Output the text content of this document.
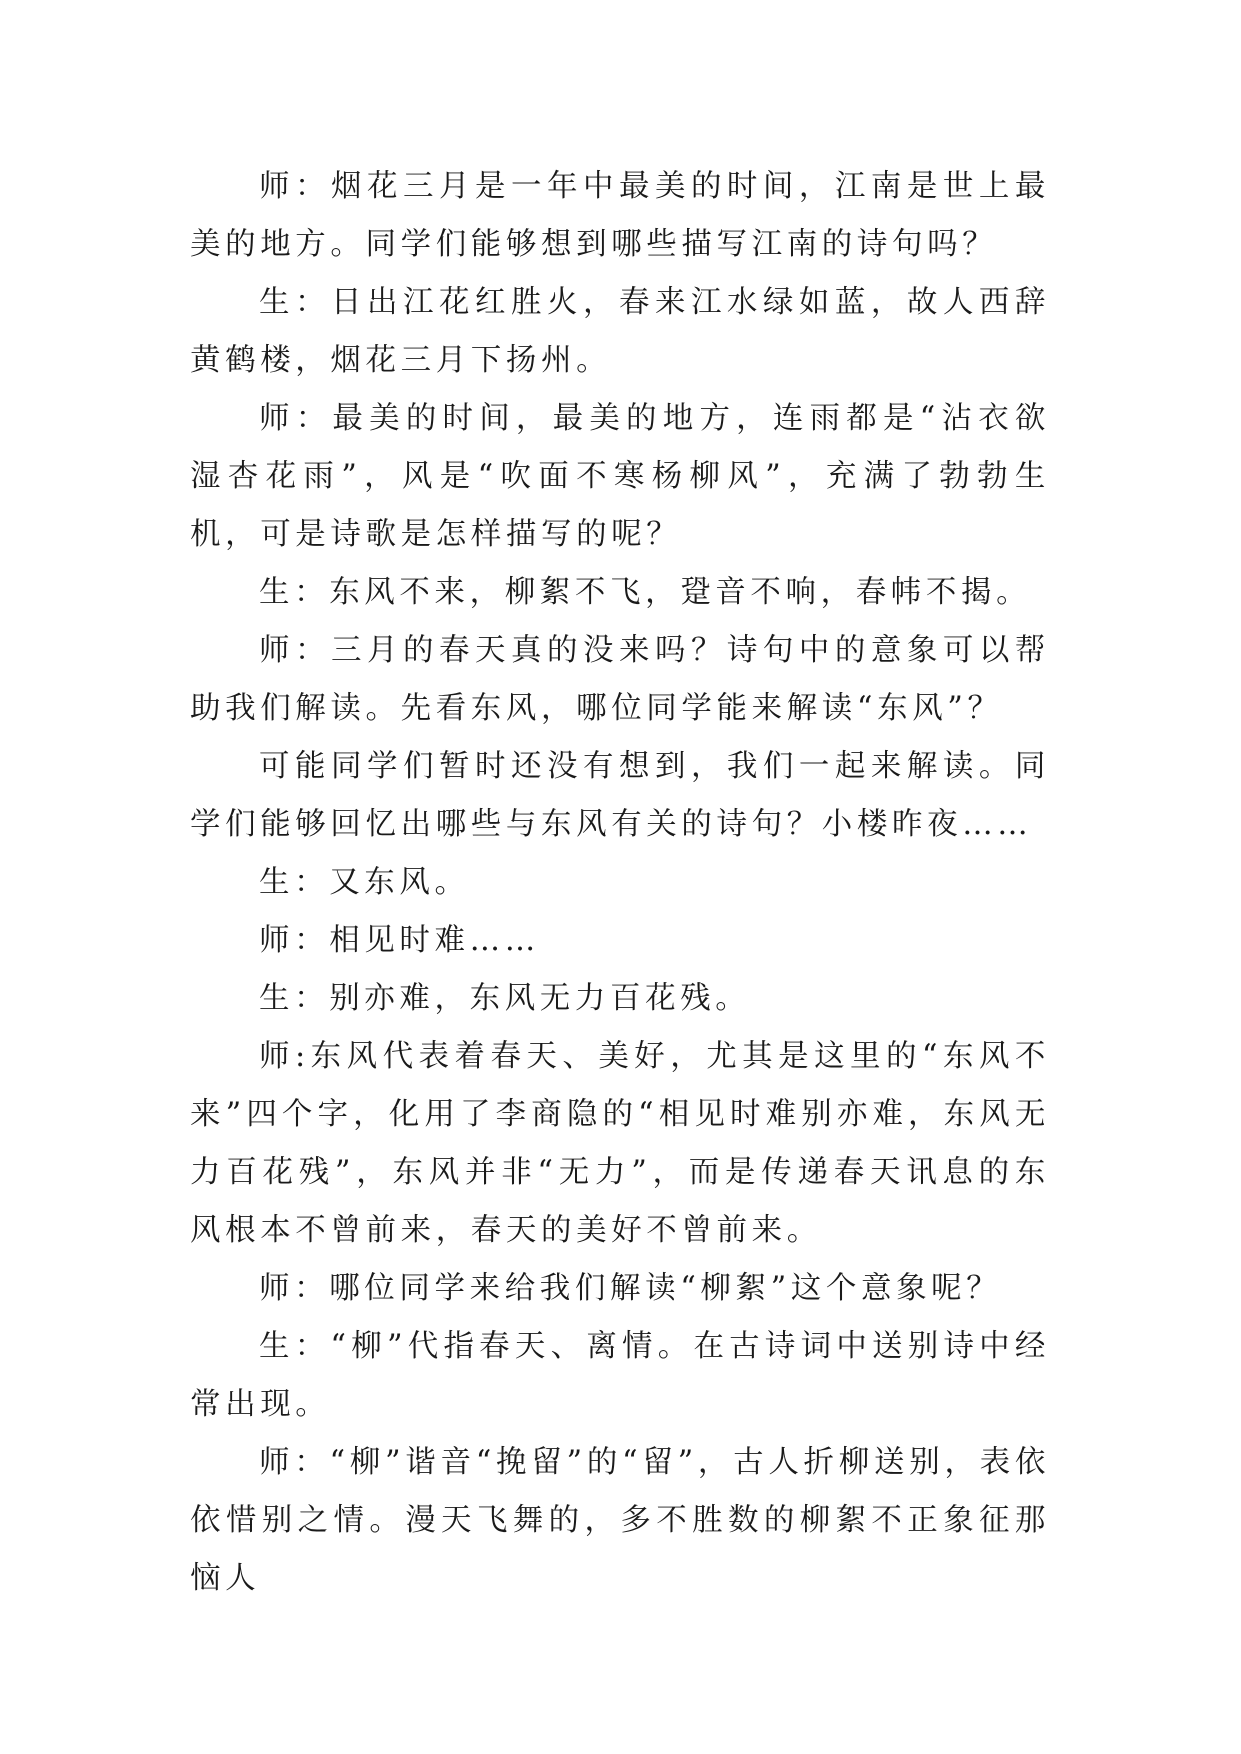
师：烟花三月是一年中最美的时间，江南是世上最美的地方。同学们能够想到哪些描写江南的诗句吗？

生：日出江花红胜火，春来江水绿如蓝，故人西辞黄鹤楼，烟花三月下扬州。

师：最美的时间，最美的地方，连雨都是“沾衣欲湿杏花雨”，风是“吹面不寒杨柳风”，充满了勃勃生机，可是诗歌是怎样描写的呢？

生：东风不来，柳絮不飞，跫音不响，春帏不揭。

师：三月的春天真的没来吗？诗句中的意象可以帮助我们解读。先看东风，哪位同学能来解读“东风”？

可能同学们暂时还没有想到，我们一起来解读。同学们能够回忆出哪些与东风有关的诗句？小楼昨夜……

生：又东风。

师：相见时难……

生：别亦难，东风无力百花残。

师:东风代表着春天、美好，尤其是这里的“东风不来”四个字，化用了李商隐的“相见时难别亦难，东风无力百花残”，东风并非“无力”，而是传递春天讯息的东风根本不曾前来，春天的美好不曾前来。

师：哪位同学来给我们解读“柳絮”这个意象呢？

生：“柳”代指春天、离情。在古诗词中送别诗中经常出现。

师：“柳”谐音“挽留”的“留”，古人折柳送别，表依依惜别之情。漫天飞舞的，多不胜数的柳絮不正象征那恼人
